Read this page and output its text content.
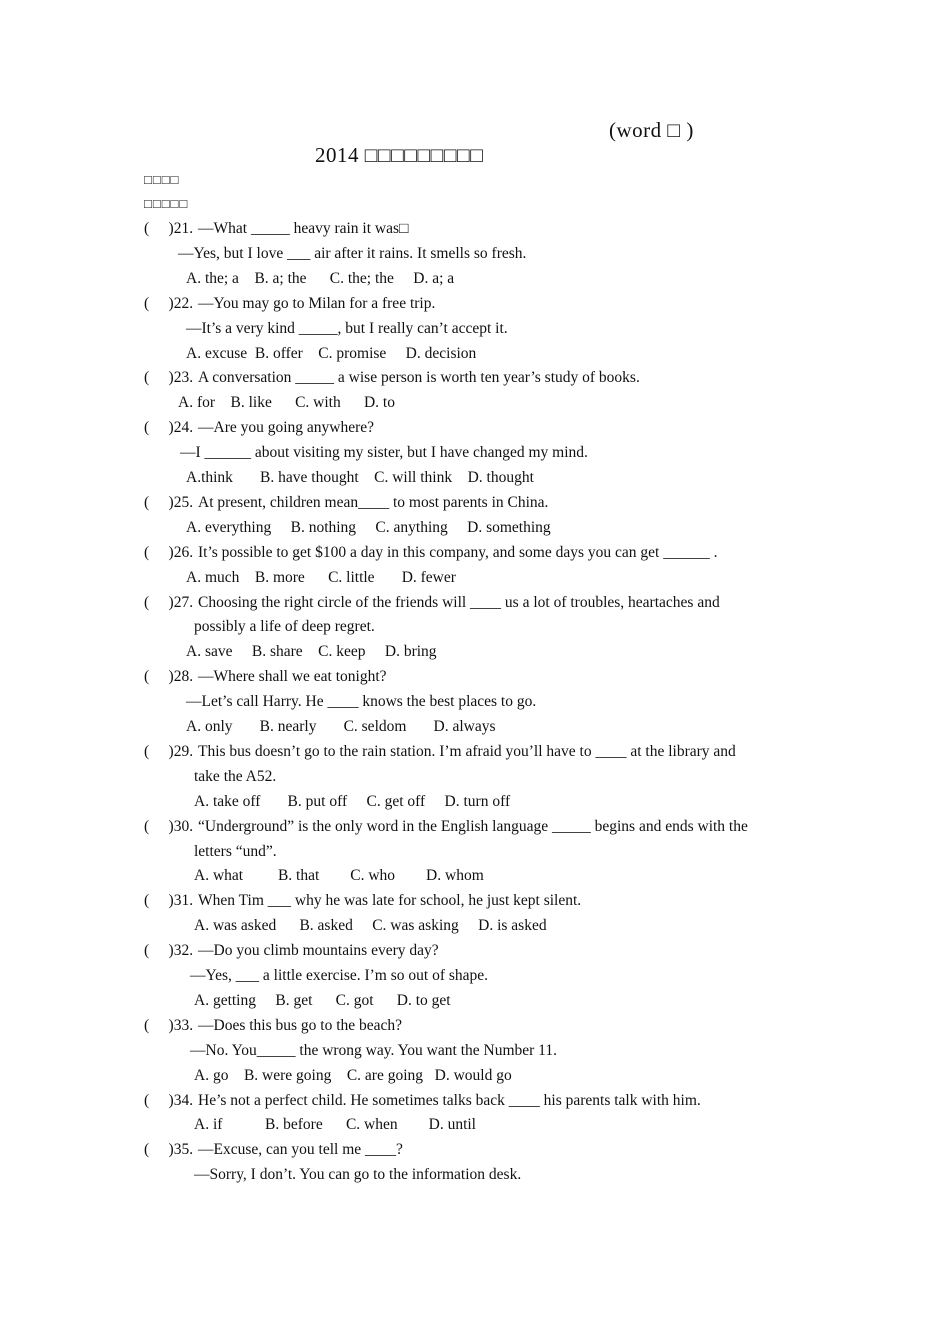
2014 □□□□□□□□□

(word □ )

□□□□
□□□□□
(     )21. —What _____ heavy rain it was□
—Yes, but I love ___ air after it rains. It smells so fresh.
A. the; a    B. a; the      C. the; the     D. a; a
(     )22. —You may go to Milan for a free trip.
—It’s a very kind _____, but I really can’t accept it.
A. excuse  B. offer    C. promise     D. decision
(     )23. A conversation _____ a wise person is worth ten year’s study of books.
A. for    B. like      C. with      D. to
(     )24. —Are you going anywhere?
—I ______ about visiting my sister, but I have changed my mind.
A.think       B. have thought    C. will think    D. thought
(     )25. At present, children mean____ to most parents in China.
A. everything     B. nothing     C. anything     D. something
(     )26. It’s possible to get $100 a day in this company, and some days you can get ______ .
A. much    B. more      C. little       D. fewer
(     )27. Choosing the right circle of the friends will ____ us a lot of troubles, heartaches and
possibly a life of deep regret.
A. save     B. share    C. keep     D. bring
(     )28. —Where shall we eat tonight?
—Let’s call Harry. He ____ knows the best places to go.
A. only       B. nearly       C. seldom       D. always
(     )29. This bus doesn’t go to the rain station. I’m afraid you’ll have to ____ at the library and
take the A52.
A. take off       B. put off     C. get off     D. turn off
(     )30. “Underground” is the only word in the English language _____ begins and ends with the
letters “und”.
A. what         B. that        C. who        D. whom
(     )31. When Tim ___ why he was late for school, he just kept silent.
A. was asked      B. asked     C. was asking     D. is asked
(     )32. —Do you climb mountains every day?
—Yes, ___ a little exercise. I’m so out of shape.
A. getting     B. get      C. got      D. to get
(     )33. —Does this bus go to the beach?
—No. You_____ the wrong way. You want the Number 11.
A. go    B. were going    C. are going   D. would go
(     )34. He’s not a perfect child. He sometimes talks back ____ his parents talk with him.
A. if           B. before      C. when        D. until
(     )35. —Excuse, can you tell me ____?
—Sorry, I don’t. You can go to the information desk.
